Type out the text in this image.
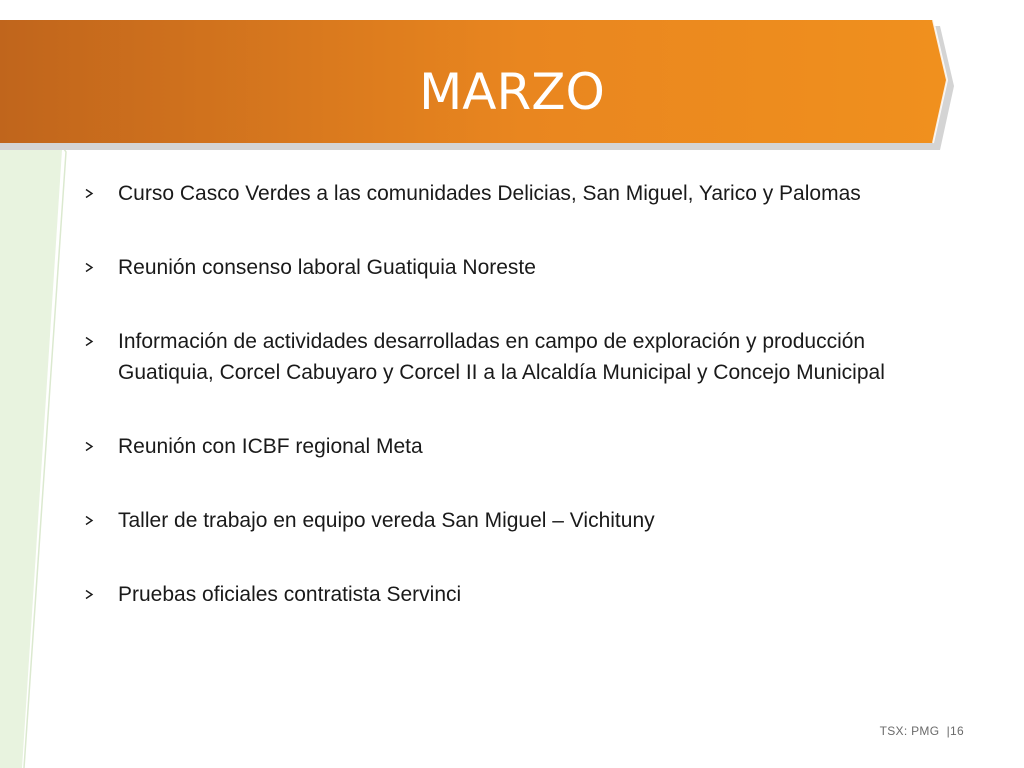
MARZO
Curso Casco Verdes a las comunidades Delicias, San Miguel, Yarico y Palomas
Reunión consenso laboral Guatiquia Noreste
Información de actividades desarrolladas en campo de exploración y producción Guatiquia, Corcel Cabuyaro y Corcel II a la Alcaldía Municipal y Concejo Municipal
Reunión con ICBF regional Meta
Taller de trabajo en equipo vereda San Miguel – Vichituny
Pruebas oficiales contratista Servinci
TSX: PMG  |16
